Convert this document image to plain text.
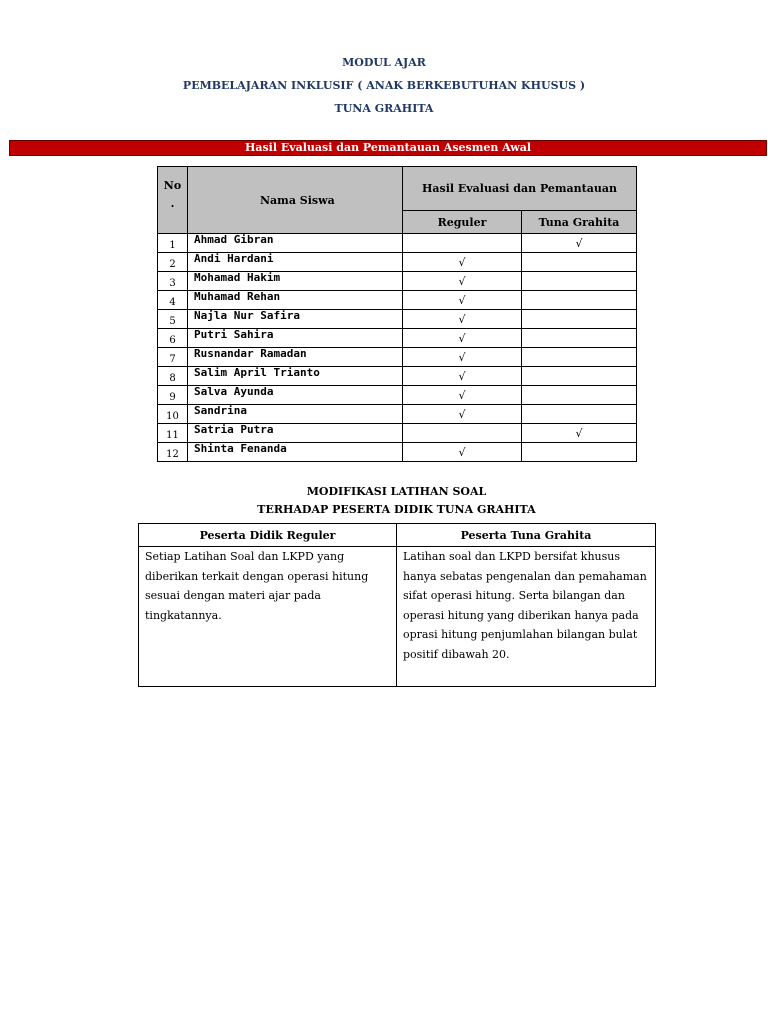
MODUL AJAR
PEMBELAJARAN INKLUSIF ( ANAK BERKEBUTUHAN KHUSUS )
TUNA GRAHITA
Hasil Evaluasi dan Pemantauan Asesmen Awal
No
.	Nama Siswa	Hasil Evaluasi dan Pemantauan	
		Reguler	Tuna Grahita
1	Ahmad Gibran		√
2	Andi Hardani	√	
3	Mohamad Hakim	√	
4	Muhamad Rehan	√	
5	Najla Nur Safira	√	
6	Putri Sahira	√	
7	Rusnandar Ramadan	√	
8	Salim April Trianto	√	
9	Salva Ayunda	√	
10	Sandrina	√	
11	Satria Putra		√
12	Shinta Fenanda	√	
MODIFIKASI LATIHAN SOAL
TERHADAP PESERTA DIDIK TUNA GRAHITA
Peserta Didik Reguler	Peserta Tuna Grahita
Setiap Latihan Soal dan LKPD yang diberikan terkait dengan operasi hitung sesuai dengan materi ajar pada tingkatannya.	Latihan soal dan LKPD bersifat khusus hanya sebatas pengenalan dan pemahaman sifat operasi hitung. Serta bilangan dan operasi hitung yang diberikan hanya pada oprasi hitung penjumlahan bilangan bulat positif dibawah 20.
